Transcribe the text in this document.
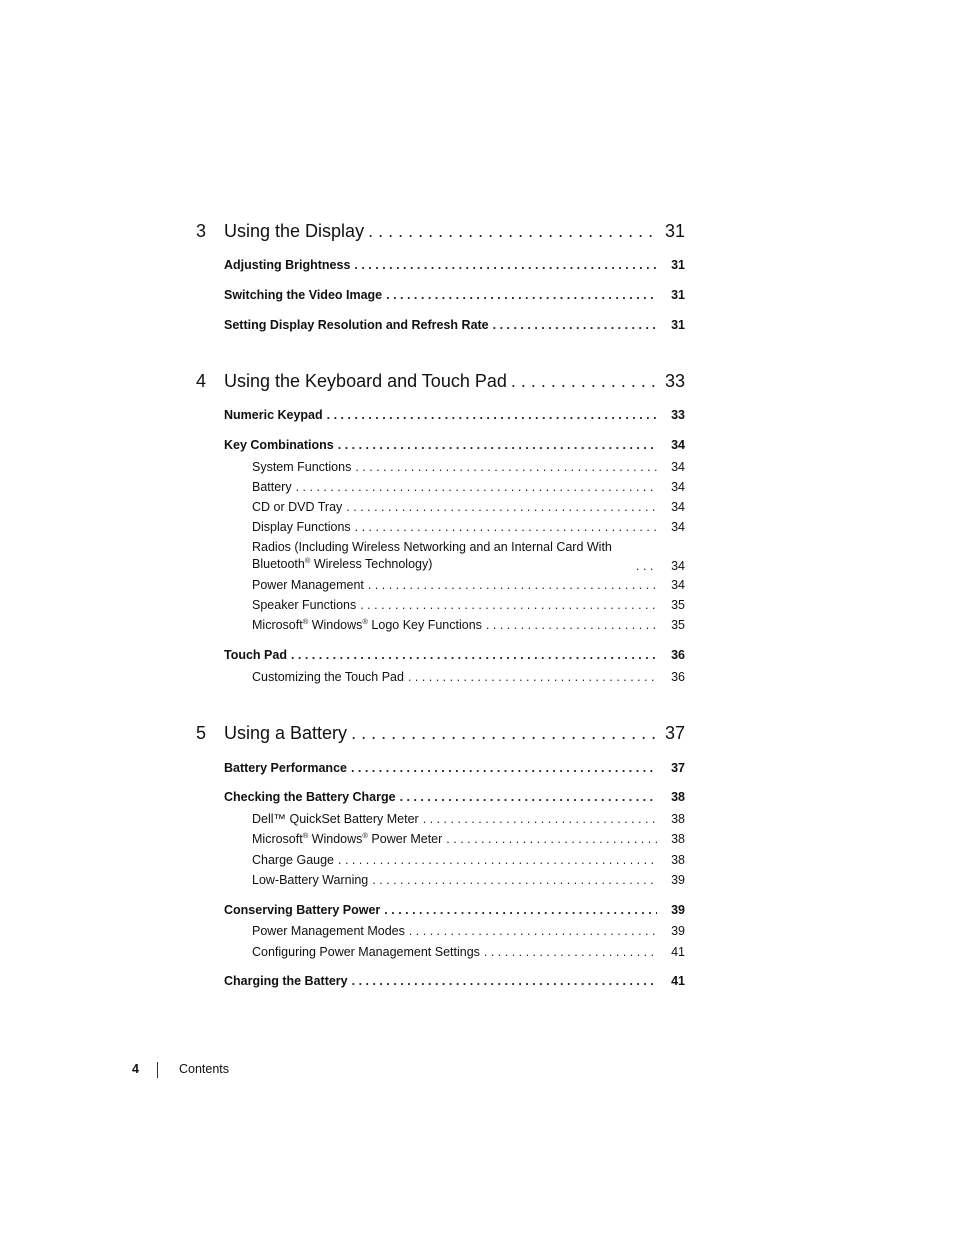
3 Using the Display . . .	31
Adjusting Brightness . . .	31
Switching the Video Image . . .	31
Setting Display Resolution and Refresh Rate . . .	31
4 Using the Keyboard and Touch Pad . . .	33
Numeric Keypad . . .	33
Key Combinations . . .	34
System Functions . . .	34
Battery . . .	34
CD or DVD Tray . . .	34
Display Functions . . .	34
Radios (Including Wireless Networking and an Internal Card With Bluetooth® Wireless Technology) . . .	34
Power Management . . .	34
Speaker Functions . . .	35
Microsoft® Windows® Logo Key Functions . . .	35
Touch Pad . . .	36
Customizing the Touch Pad . . .	36
5 Using a Battery . . .	37
Battery Performance . . .	37
Checking the Battery Charge . . .	38
Dell™ QuickSet Battery Meter . . .	38
Microsoft® Windows® Power Meter . . .	38
Charge Gauge . . .	38
Low-Battery Warning . . .	39
Conserving Battery Power . . .	39
Power Management Modes . . .	39
Configuring Power Management Settings . . .	41
Charging the Battery . . .	41
4	Contents
